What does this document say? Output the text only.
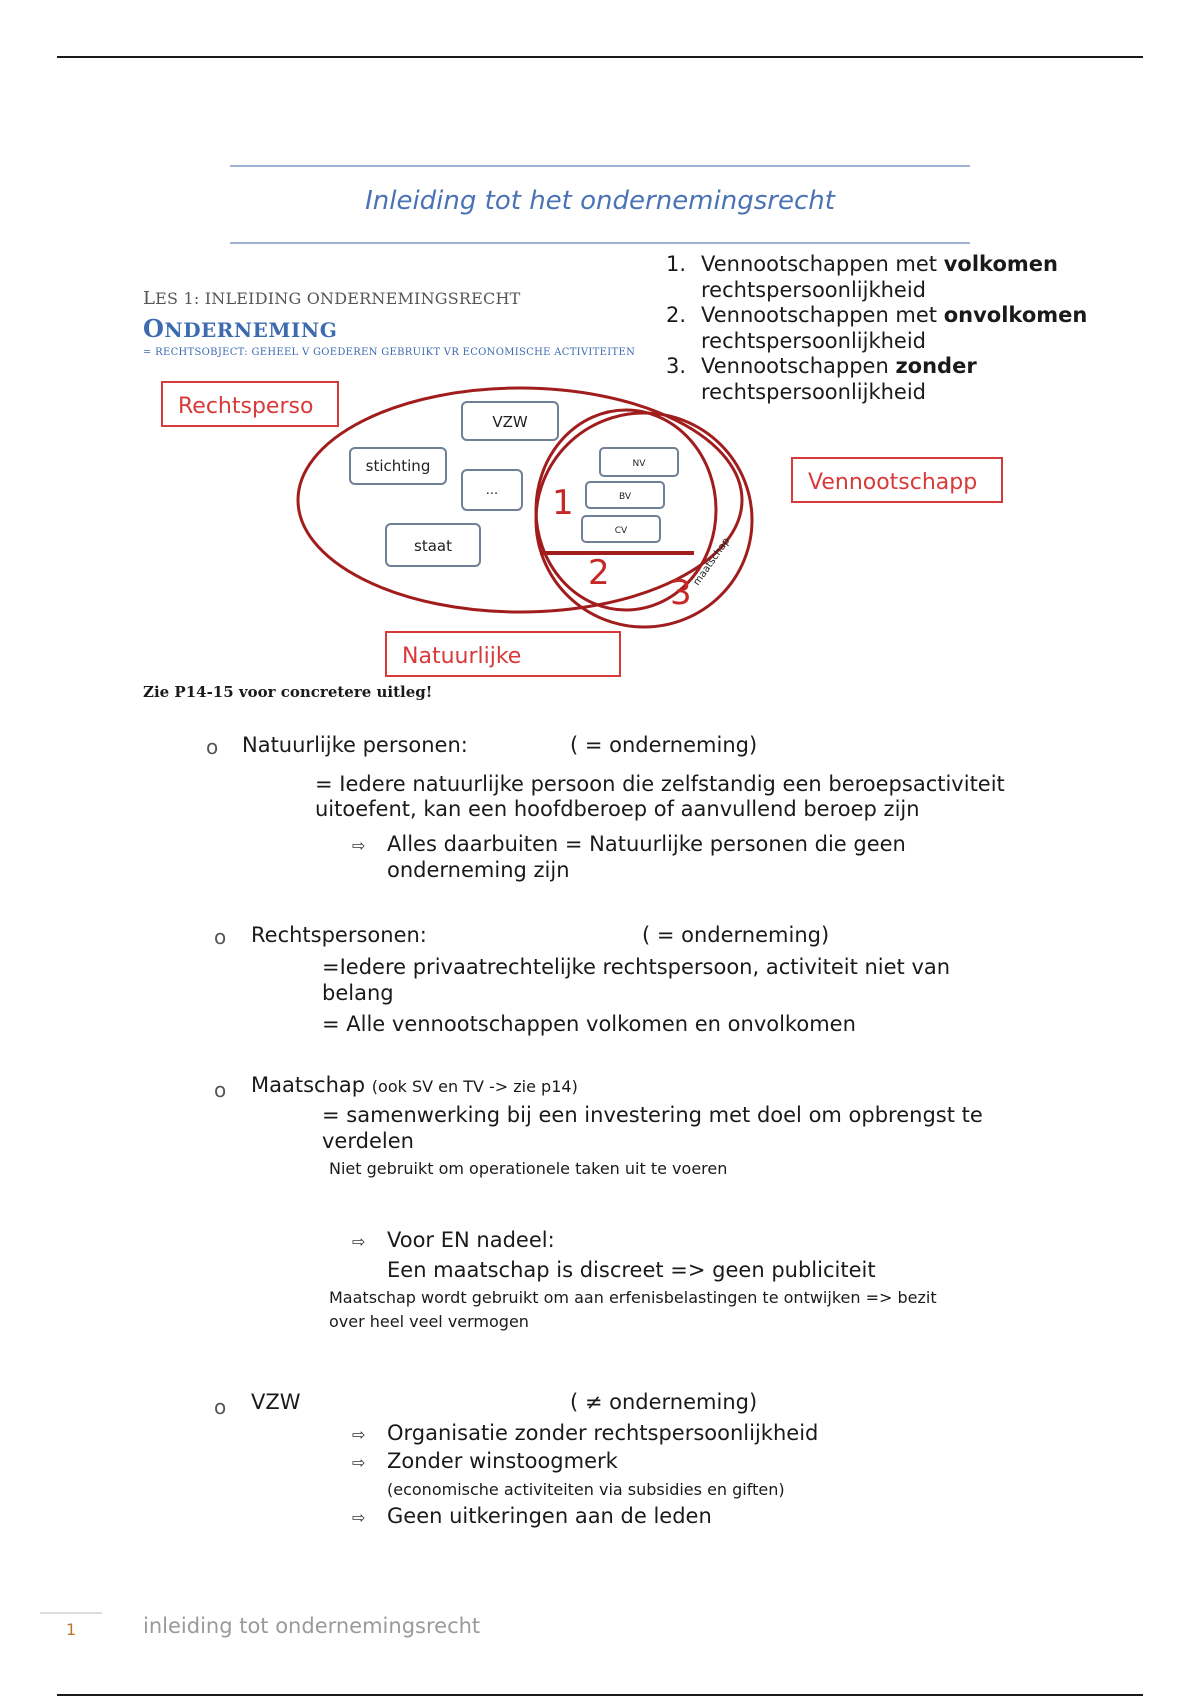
Inleiding tot het ondernemingsrecht
LES 1: INLEIDING ONDERNEMINGSRECHT
ONDERNEMING
= RECHTSOBJECT: GEHEEL V GOEDEREN GEBRUIKT VR ECONOMISCHE ACTIVITEITEN
1. Vennootschappen met volkomen
rechtspersoonlijkheid
2. Vennootschappen met onvolkomen
rechtspersoonlijkheid
3. Vennootschappen zonder
rechtspersoonlijkheid
Rechtsperso
Vennootschapp
Natuurlijke
VZW
stichting
...
staat
NV
BV
CV
1
2 3
maatschap
Zie P14-15 voor concretere uitleg!
o Natuurlijke personen:	( = onderneming)
= Iedere natuurlijke persoon die zelfstandig een beroepsactiviteit
uitoefent, kan een hoofdberoep of aanvullend beroep zijn
⇨ Alles daarbuiten = Natuurlijke personen die geen
onderneming zijn
o Rechtspersonen:	( = onderneming)
=Iedere privaatrechtelijke rechtspersoon, activiteit niet van
belang
= Alle vennootschappen volkomen en onvolkomen
o Maatschap (ook SV en TV -> zie p14)
= samenwerking bij een investering met doel om opbrengst te
verdelen
Niet gebruikt om operationele taken uit te voeren
⇨ Voor EN nadeel:
Een maatschap is discreet => geen publiciteit
Maatschap wordt gebruikt om aan erfenisbelastingen te ontwijken => bezit
over heel veel vermogen
o VZW	( ≠ onderneming)
⇨ Organisatie zonder rechtspersoonlijkheid
⇨ Zonder winstoogmerk
(economische activiteiten via subsidies en giften)
⇨ Geen uitkeringen aan de leden
1	inleiding tot ondernemingsrecht
